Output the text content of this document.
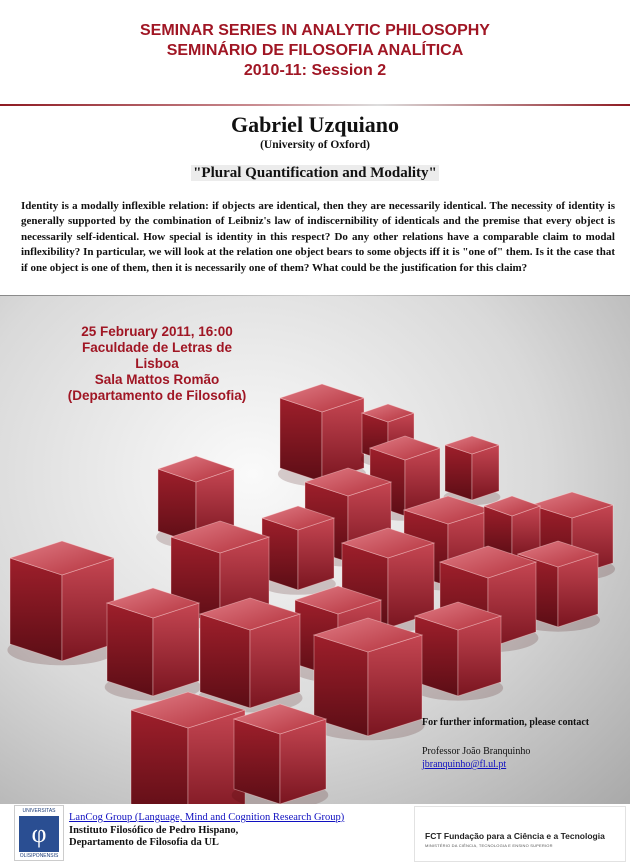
SEMINAR SERIES IN ANALYTIC PHILOSOPHY
SEMINÁRIO DE FILOSOFIA ANALÍTICA
2010-11: Session 2
Gabriel Uzquiano
(University of Oxford)
"Plural Quantification and Modality"
Identity is a modally inflexible relation: if objects are identical, then they are necessarily identical. The necessity of identity is generally supported by the combination of Leibniz's law of indiscernibility of identicals and the premise that every object is necessarily self-identical. How special is identity in this respect? Do any other relations have a comparable claim to modal inflexibility? In particular, we will look at the relation one object bears to some objects iff it is "one of" them. Is it the case that if one object is one of them, then it is necessarily one of them? What could be the justification for this claim?
25 February 2011, 16:00
Faculdade de Letras de
Lisboa
Sala Mattos Romão
(Departamento de Filosofia)
For further information, please contact
Professor João Branquinho
jbranquinho@fl.ul.pt
UNIVERSITAS
φ
OLISIPONENSIS
LanCog Group (Language, Mind and Cognition Research Group)
Instituto Filosófico de Pedro Hispano,
Departamento de Filosofia da UL
FCT Fundação para a Ciência e a Tecnologia
MINISTÉRIO DA CIÊNCIA, TECNOLOGIA E ENSINO SUPERIOR
